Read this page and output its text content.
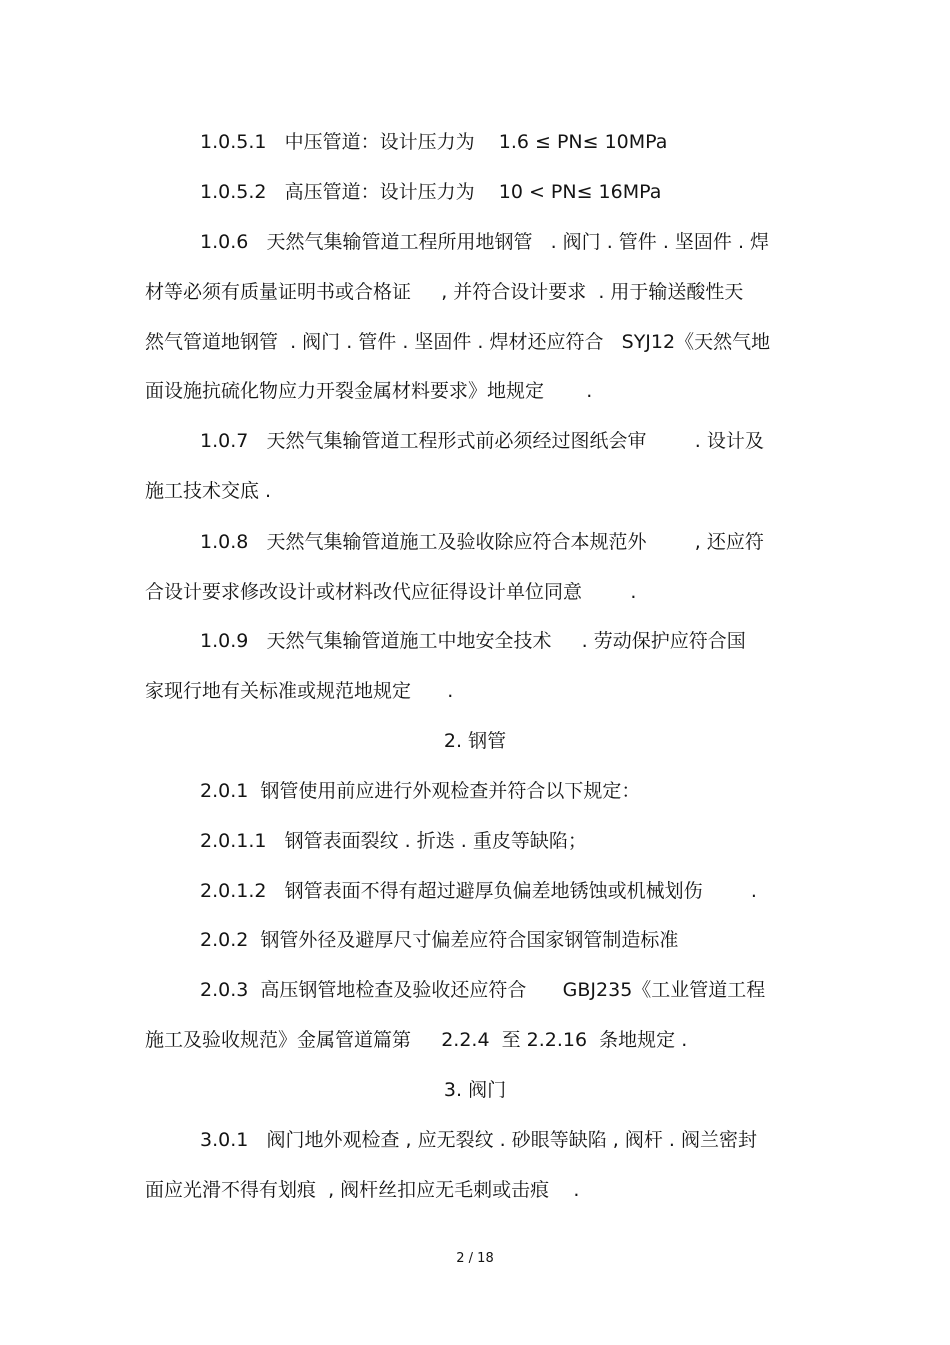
1.0.5.1   中压管道：设计压力为    1.6 ≤ PN≤ 10MPa
1.0.5.2   高压管道：设计压力为    10 < PN≤ 16MPa
1.0.6   天然气集输管道工程所用地钢管   . 阀门 . 管件 . 坚固件 . 焊
材等必须有质量证明书或合格证     , 并符合设计要求  . 用于输送酸性天
然气管道地钢管  . 阀门 . 管件 . 坚固件 . 焊材还应符合   SYJ12《天然气地
面设施抗硫化物应力开裂金属材料要求》地规定       .
1.0.7   天然气集输管道工程形式前必须经过图纸会审        . 设计及
施工技术交底 .
1.0.8   天然气集输管道施工及验收除应符合本规范外        , 还应符
合设计要求修改设计或材料改代应征得设计单位同意        .
1.0.9   天然气集输管道施工中地安全技术     . 劳动保护应符合国
家现行地有关标准或规范地规定      .
2. 钢管
2.0.1  钢管使用前应进行外观检查并符合以下规定：
2.0.1.1   钢管表面裂纹 . 折迭 . 重皮等缺陷；
2.0.1.2   钢管表面不得有超过避厚负偏差地锈蚀或机械划伤        .
2.0.2  钢管外径及避厚尺寸偏差应符合国家钢管制造标准
2.0.3  高压钢管地检查及验收还应符合      GBJ235《工业管道工程
施工及验收规范》金属管道篇第     2.2.4  至 2.2.16  条地规定 .
3. 阀门
3.0.1   阀门地外观检查 , 应无裂纹 . 砂眼等缺陷 , 阀杆 . 阀兰密封
面应光滑不得有划痕  , 阀杆丝扣应无毛刺或击痕    .
2 / 18
